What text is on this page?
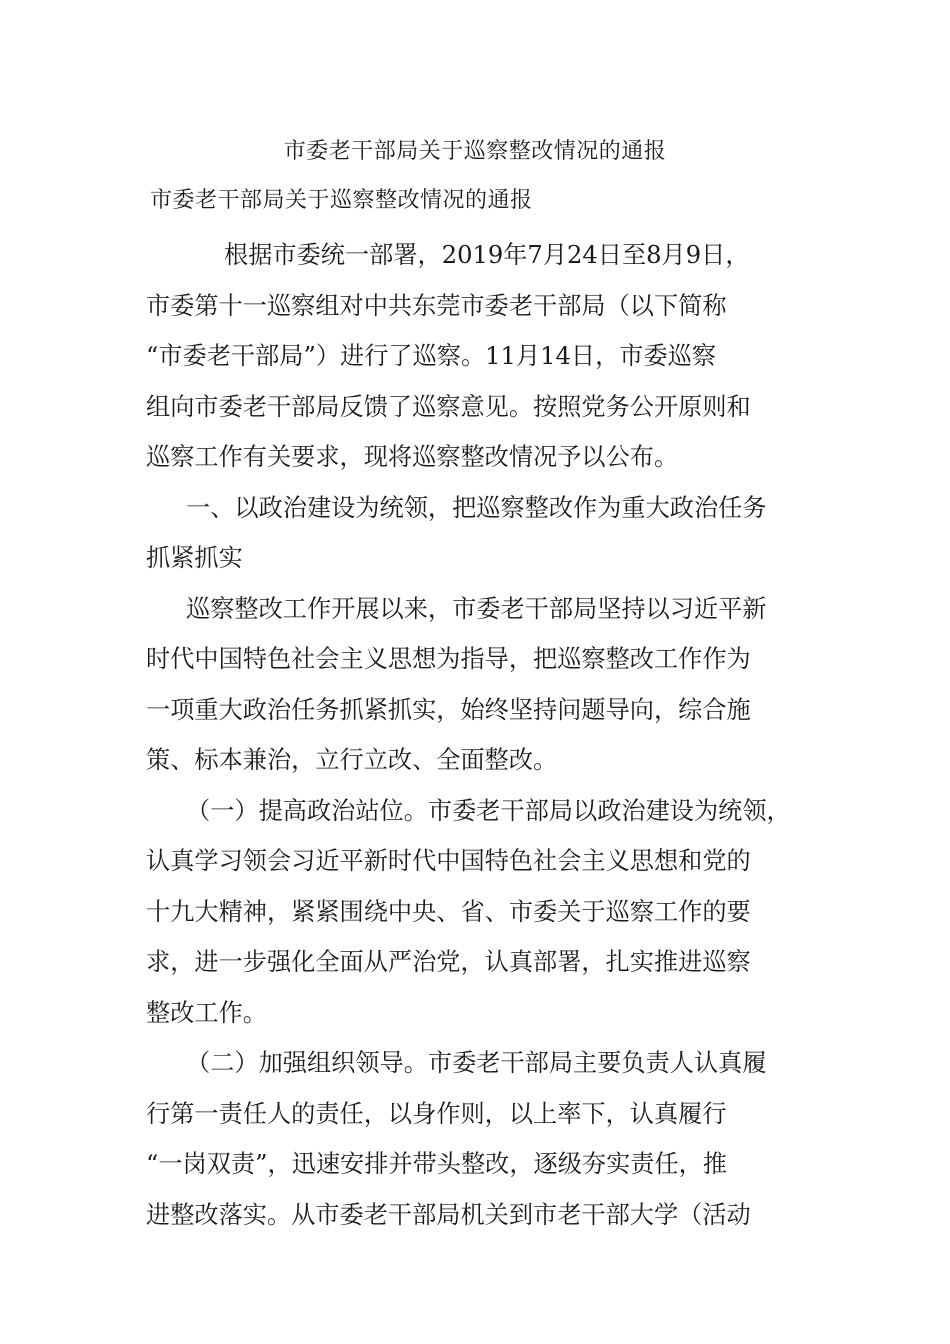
市委老干部局关于巡察整改情况的通报
市委老干部局关于巡察整改情况的通报
根据市委统一部署，2019年7月24日至8月9日，
市委第十一巡察组对中共东莞市委老干部局（以下简称
“市委老干部局”）进行了巡察。11月14日，市委巡察
组向市委老干部局反馈了巡察意见。按照党务公开原则和
巡察工作有关要求，现将巡察整改情况予以公布。
一、以政治建设为统领，把巡察整改作为重大政治任务
抓紧抓实
巡察整改工作开展以来，市委老干部局坚持以习近平新
时代中国特色社会主义思想为指导，把巡察整改工作作为
一项重大政治任务抓紧抓实，始终坚持问题导向，综合施
策、标本兼治，立行立改、全面整改。
（一）提高政治站位。市委老干部局以政治建设为统领，
认真学习领会习近平新时代中国特色社会主义思想和党的
十九大精神，紧紧围绕中央、省、市委关于巡察工作的要
求，进一步强化全面从严治党，认真部署，扎实推进巡察
整改工作。
（二）加强组织领导。市委老干部局主要负责人认真履
行第一责任人的责任，以身作则，以上率下，认真履行
“一岗双责”，迅速安排并带头整改，逐级夯实责任，推
进整改落实。从市委老干部局机关到市老干部大学（活动
